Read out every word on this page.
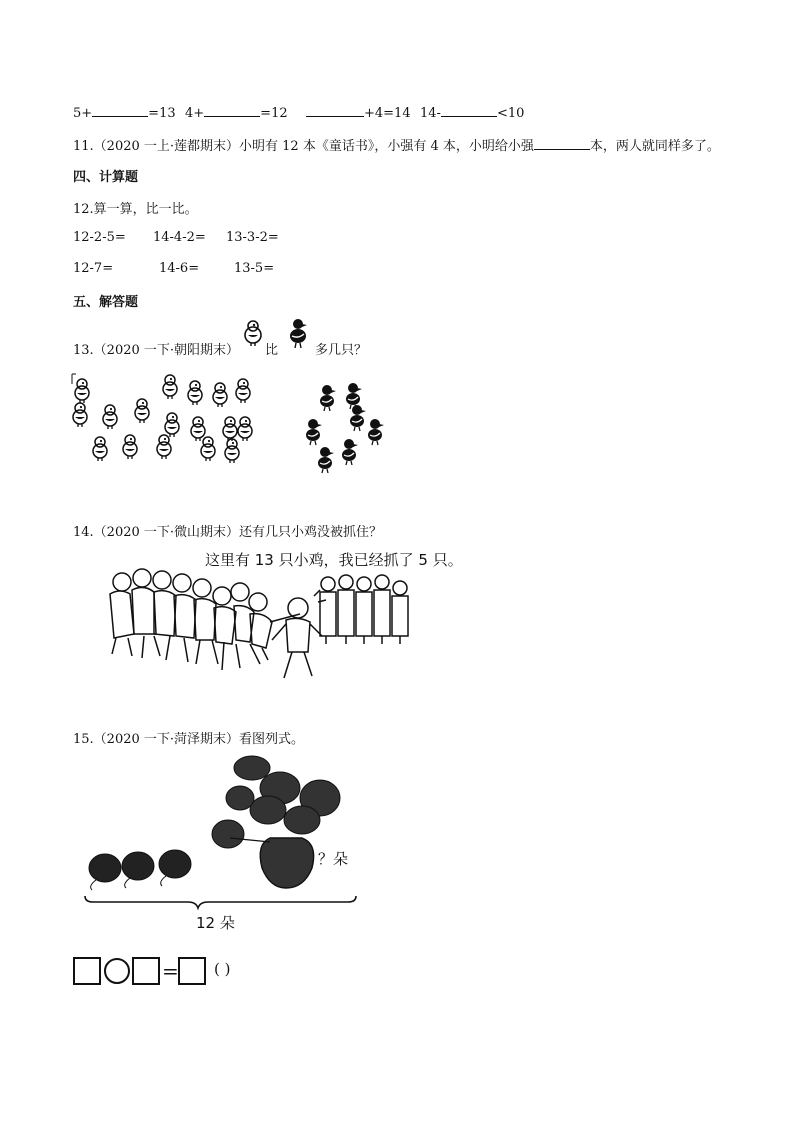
5+	=13 4+	=12	+4=14 14-	<10
11.（2020 一上·莲都期末）小明有 12 本《童话书》，小强有 4 本，小明给小强	本，两人就同样多了。
四、计算题
12.算一算，比一比。
12-2-5= 14-4-2= 13-3-2=
12-7=	14-6=	13-5=
五、解答题
13.（2020 一下·朝阳期末） 比	多几只？
14.（2020 一下·微山期末）还有几只小鸡没被抓住？
这里有 13 只小鸡，我已经抓了 5 只。
15.（2020 一下·菏泽期末）看图列式。
？朵
12 朵
= ( )
